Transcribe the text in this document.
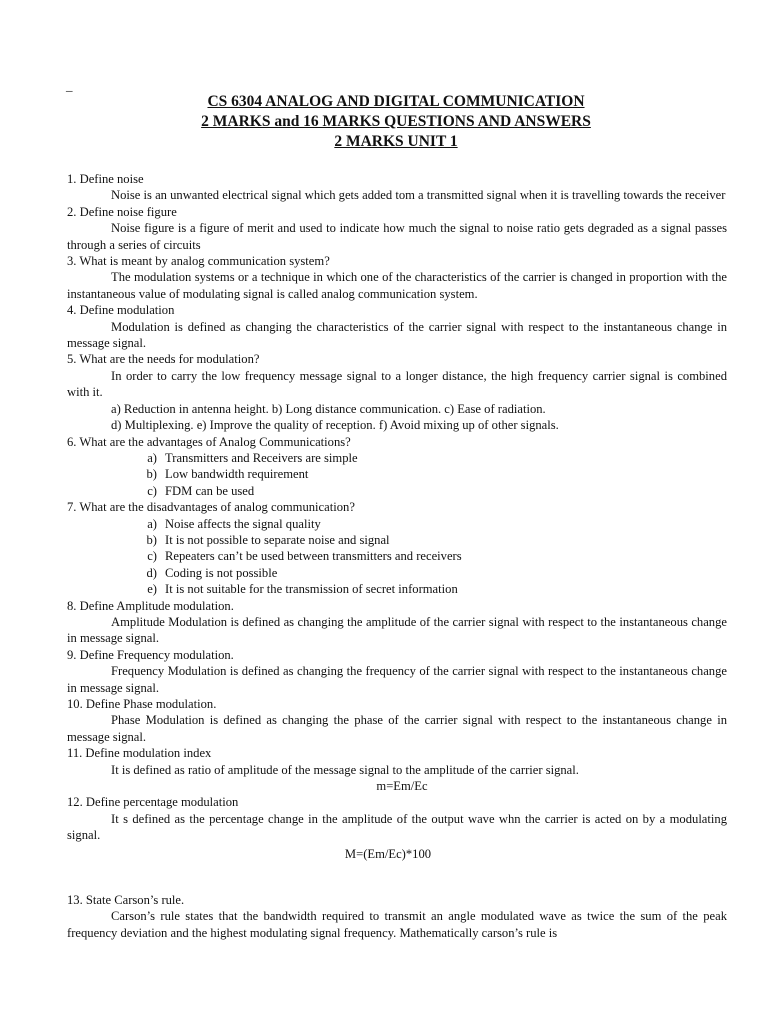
_
CS 6304 ANALOG AND DIGITAL COMMUNICATION
2 MARKS and 16 MARKS QUESTIONS AND ANSWERS
2 MARKS UNIT 1

1. Define noise

Noise is an unwanted electrical signal which gets added tom a transmitted signal when it is travelling towards the receiver

2. Define noise figure

Noise figure is a figure of merit and used to indicate how much the signal to noise ratio gets degraded as a signal passes through a series of circuits

3. What is meant by analog communication system?

The modulation systems or a technique in which one of the characteristics of the carrier is changed in proportion with the instantaneous value of modulating signal is called analog communication system.

4. Define modulation

Modulation is defined as changing the characteristics of the carrier signal with respect to the instantaneous change in message signal.

5. What are the needs for modulation?

In order to carry the low frequency message signal to a longer distance, the high frequency carrier signal is combined with it.

a) Reduction in antenna height. b) Long distance communication. c) Ease of radiation.

d) Multiplexing. e) Improve the quality of reception. f) Avoid mixing up of other signals.

6. What are the advantages of Analog Communications?

a. Transmitters and Receivers are simple
b. Low bandwidth requirement
c. FDM can be used

7. What are the disadvantages of analog communication?

a. Noise affects the signal quality
b. It is not possible to separate noise and signal
c. Repeaters can’t be used between transmitters and receivers
d. Coding is not possible
e. It is not suitable for the transmission of secret information

8. Define Amplitude modulation.

Amplitude Modulation is defined as changing the amplitude of the carrier signal with respect to the instantaneous change in message signal.

9. Define Frequency modulation.

Frequency Modulation is defined as changing the frequency of the carrier signal with respect to the instantaneous change in message signal.

10. Define Phase modulation.

Phase Modulation is defined as changing the phase of the carrier signal with respect to the instantaneous change in message signal.

11. Define modulation index

It is defined as ratio of amplitude of the message signal to the amplitude of the carrier signal.

m=Em/Ec

12. Define percentage modulation

It s defined as the percentage change in the amplitude of the output wave whn the carrier is acted on by a modulating signal.

M=(Em/Ec)*100

13. State Carson’s rule.

Carson’s rule states that the bandwidth required to transmit an angle modulated wave as twice the sum of the peak frequency deviation and the highest modulating signal frequency. Mathematically carson’s rule is
